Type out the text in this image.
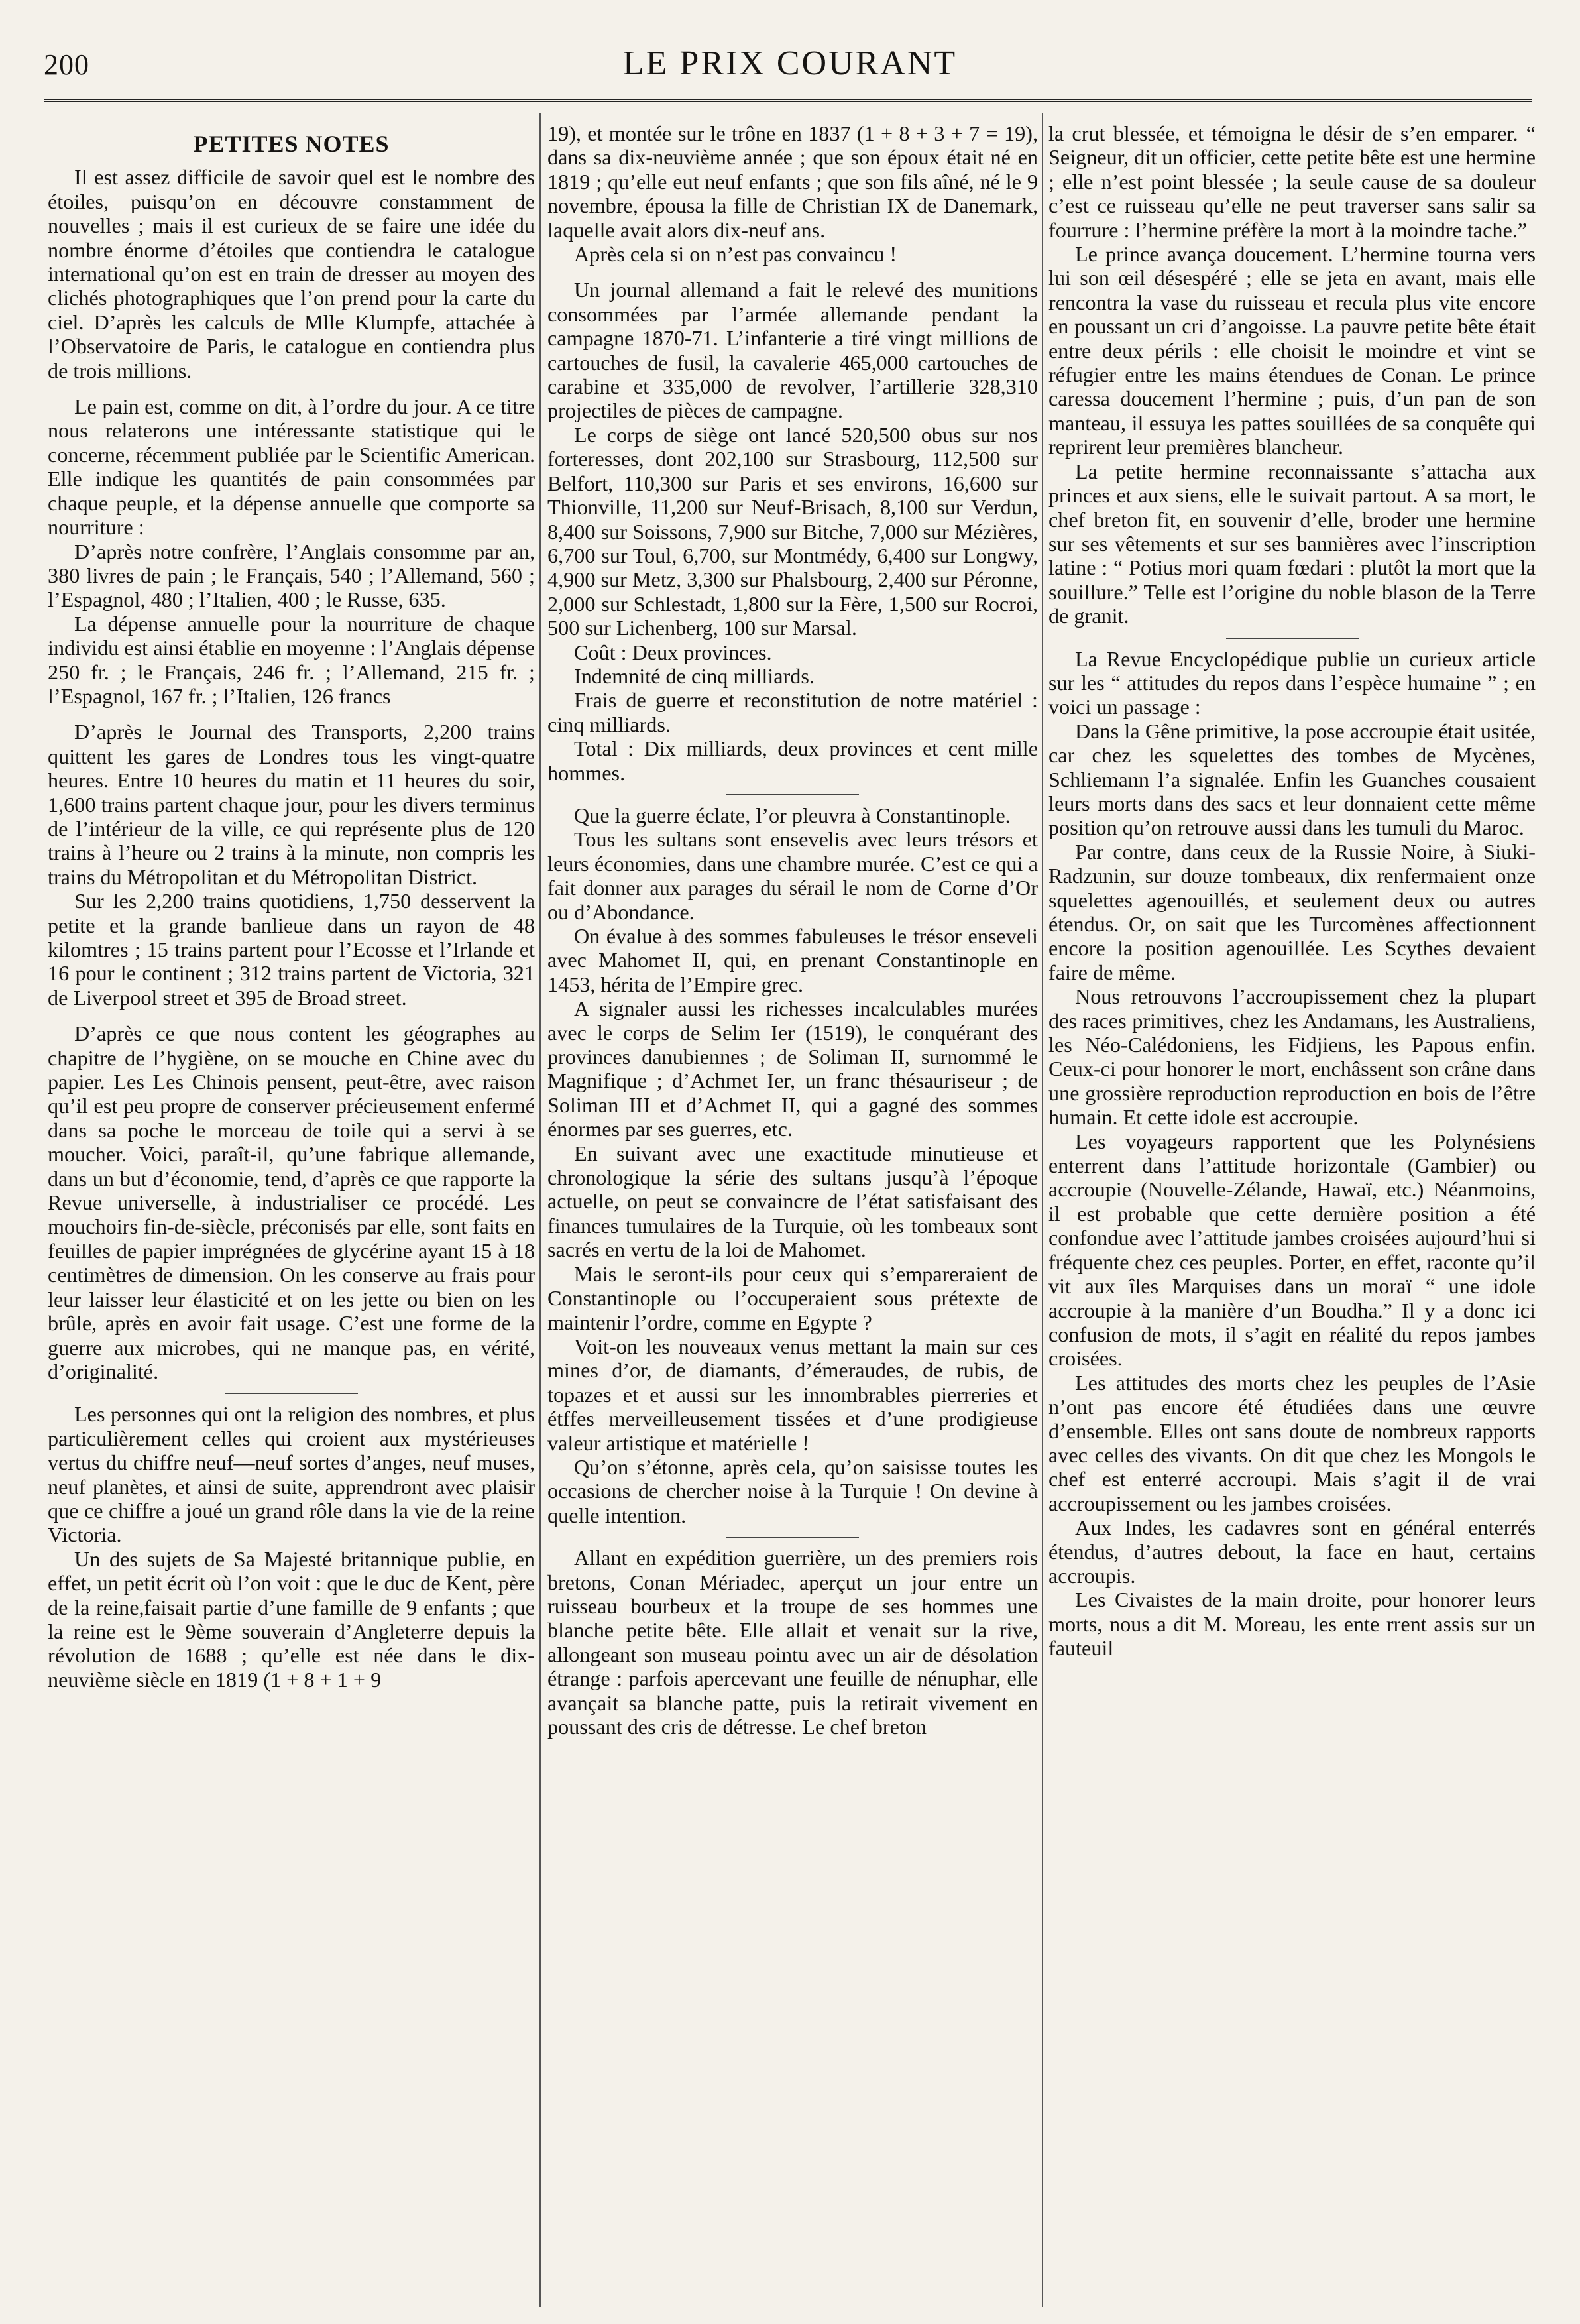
200	LE PRIX COURANT
PETITES NOTES

Il est assez difficile de savoir quel est le nombre des étoiles, puisqu’on en découvre constamment de nouvelles ; mais il est curieux de se faire une idée du nombre énorme d’étoiles que contiendra le catalogue international qu’on est en train de dresser au moyen des clichés photographiques que l’on prend pour la carte du ciel. D’après les calculs de Mlle Klumpfe, attachée à l’Observatoire de Paris, le catalogue en contiendra plus de trois millions.

Le pain est, comme on dit, à l’ordre du jour. A ce titre nous relaterons une intéressante statistique qui le concerne, récemment publiée par le Scientific American. Elle indique les quantités de pain consommées par chaque peuple, et la dépense annuelle que comporte sa nourriture :

D’après notre confrère, l’Anglais consomme par an, 380 livres de pain ; le Français, 540 ; l’Allemand, 560 ; l’Espagnol, 480 ; l’Italien, 400 ; le Russe, 635.

La dépense annuelle pour la nourriture de chaque individu est ainsi établie en moyenne : l’Anglais dépense 250 fr. ; le Français, 246 fr. ; l’Allemand, 215 fr. ; l’Espagnol, 167 fr. ; l’Italien, 126 francs

D’après le Journal des Transports, 2,200 trains quittent les gares de Londres tous les vingt-quatre heures. Entre 10 heures du matin et 11 heures du soir, 1,600 trains partent chaque jour, pour les divers terminus de l’intérieur de la ville, ce qui représente plus de 120 trains à l’heure ou 2 trains à la minute, non compris les trains du Métropolitan et du Métropolitan District.

Sur les 2,200 trains quotidiens, 1,750 desservent la petite et la grande banlieue dans un rayon de 48 kilomtres ; 15 trains partent pour l’Ecosse et l’Irlande et 16 pour le continent ; 312 trains partent de Victoria, 321 de Liverpool street et 395 de Broad street.

D’après ce que nous content les géographes au chapitre de l’hygiène, on se mouche en Chine avec du papier. Les Les Chinois pensent, peut-être, avec raison qu’il est peu propre de conserver précieusement enfermé dans sa poche le morceau de toile qui a servi à se moucher. Voici, paraît-il, qu’une fabrique allemande, dans un but d’économie, tend, d’après ce que rapporte la Revue universelle, à industrialiser ce procédé. Les mouchoirs fin-de-siècle, préconisés par elle, sont faits en feuilles de papier imprégnées de glycérine ayant 15 à 18 centimètres de dimension. On les conserve au frais pour leur laisser leur élasticité et on les jette ou bien on les brûle, après en avoir fait usage. C’est une forme de la guerre aux microbes, qui ne manque pas, en vérité, d’originalité.

Les personnes qui ont la religion des nombres, et plus particulièrement celles qui croient aux mystérieuses vertus du chiffre neuf—neuf sortes d’anges, neuf muses, neuf planètes, et ainsi de suite, apprendront avec plaisir que ce chiffre a joué un grand rôle dans la vie de la reine Victoria.

Un des sujets de Sa Majesté britannique publie, en effet, un petit écrit où l’on voit : que le duc de Kent, père de la reine,faisait partie d’une famille de 9 enfants ; que la reine est le 9ème souverain d’Angleterre depuis la révolution de 1688 ; qu’elle est née dans le dix-neuvième siècle en 1819 (1 + 8 + 1 + 9

19), et montée sur le trône en 1837 (1 + 8 + 3 + 7 = 19), dans sa dix-neuvième année ; que son époux était né en 1819 ; qu’elle eut neuf enfants ; que son fils aîné, né le 9 novembre, épousa la fille de Christian IX de Danemark, laquelle avait alors dix-neuf ans.

Après cela si on n’est pas convaincu !

Un journal allemand a fait le relevé des munitions consommées par l’armée allemande pendant la campagne 1870-71. L’infanterie a tiré vingt millions de cartouches de fusil, la cavalerie 465,000 cartouches de carabine et 335,000 de revolver, l’artillerie 328,310 projectiles de pièces de campagne.

Le corps de siège ont lancé 520,500 obus sur nos forteresses, dont 202,100 sur Strasbourg, 112,500 sur Belfort, 110,300 sur Paris et ses environs, 16,600 sur Thionville, 11,200 sur Neuf-Brisach, 8,100 sur Verdun, 8,400 sur Soissons, 7,900 sur Bitche, 7,000 sur Mézières, 6,700 sur Toul, 6,700, sur Montmédy, 6,400 sur Longwy, 4,900 sur Metz, 3,300 sur Phalsbourg, 2,400 sur Péronne, 2,000 sur Schlestadt, 1,800 sur la Fère, 1,500 sur Rocroi, 500 sur Lichenberg, 100 sur Marsal.

Coût : Deux provinces.

Indemnité de cinq milliards.

Frais de guerre et reconstitution de notre matériel : cinq milliards.

Total : Dix milliards, deux provinces et cent mille hommes.

Que la guerre éclate, l’or pleuvra à Constantinople.

Tous les sultans sont ensevelis avec leurs trésors et leurs économies, dans une chambre murée. C’est ce qui a fait donner aux parages du sérail le nom de Corne d’Or ou d’Abondance.

On évalue à des sommes fabuleuses le trésor enseveli avec Mahomet II, qui, en prenant Constantinople en 1453, hérita de l’Empire grec.

A signaler aussi les richesses incalculables murées avec le corps de Selim Ier (1519), le conquérant des provinces danubiennes ; de Soliman II, surnommé le Magnifique ; d’Achmet Ier, un franc thésauriseur ; de Soliman III et d’Achmet II, qui a gagné des sommes énormes par ses guerres, etc.

En suivant avec une exactitude minutieuse et chronologique la série des sultans jusqu’à l’époque actuelle, on peut se convaincre de l’état satisfaisant des finances tumulaires de la Turquie, où les tombeaux sont sacrés en vertu de la loi de Mahomet.

Mais le seront-ils pour ceux qui s’empareraient de Constantinople ou l’occuperaient sous prétexte de maintenir l’ordre, comme en Egypte ?

Voit-on les nouveaux venus mettant la main sur ces mines d’or, de diamants, d’émeraudes, de rubis, de topazes et et aussi sur les innombrables pierreries et étffes merveilleusement tissées et d’une prodigieuse valeur artistique et matérielle !

Qu’on s’étonne, après cela, qu’on saisisse toutes les occasions de chercher noise à la Turquie ! On devine à quelle intention.

Allant en expédition guerrière, un des premiers rois bretons, Conan Mériadec, aperçut un jour entre un ruisseau bourbeux et la troupe de ses hommes une blanche petite bête. Elle allait et venait sur la rive, allongeant son museau pointu avec un air de désolation étrange : parfois apercevant une feuille de nénuphar, elle avançait sa blanche patte, puis la retirait vivement en poussant des cris de détresse. Le chef breton

la crut blessée, et témoigna le désir de s’en emparer. “ Seigneur, dit un officier, cette petite bête est une hermine ; elle n’est point blessée ; la seule cause de sa douleur c’est ce ruisseau qu’elle ne peut traverser sans salir sa fourrure : l’hermine préfère la mort à la moindre tache.”

Le prince avança doucement. L’hermine tourna vers lui son œil désespéré ; elle se jeta en avant, mais elle rencontra la vase du ruisseau et recula plus vite encore en poussant un cri d’angoisse. La pauvre petite bête était entre deux périls : elle choisit le moindre et vint se réfugier entre les mains étendues de Conan. Le prince caressa doucement l’hermine ; puis, d’un pan de son manteau, il essuya les pattes souillées de sa conquête qui reprirent leur premières blancheur.

La petite hermine reconnaissante s’attacha aux princes et aux siens, elle le suivait partout. A sa mort, le chef breton fit, en souvenir d’elle, broder une hermine sur ses vêtements et sur ses bannières avec l’inscription latine : “ Potius mori quam fœdari : plutôt la mort que la souillure.” Telle est l’origine du noble blason de la Terre de granit.

La Revue Encyclopédique publie un curieux article sur les “ attitudes du repos dans l’espèce humaine ” ; en voici un passage :

Dans la Gêne primitive, la pose accroupie était usitée, car chez les squelettes des tombes de Mycènes, Schliemann l’a signalée. Enfin les Guanches cousaient leurs morts dans des sacs et leur donnaient cette même position qu’on retrouve aussi dans les tumuli du Maroc.

Par contre, dans ceux de la Russie Noire, à Siuki-Radzunin, sur douze tombeaux, dix renfermaient onze squelettes agenouillés, et seulement deux ou autres étendus. Or, on sait que les Turcomènes affectionnent encore la position agenouillée. Les Scythes devaient faire de même.

Nous retrouvons l’accroupissement chez la plupart des races primitives, chez les Andamans, les Australiens, les Néo-Calédoniens, les Fidjiens, les Papous enfin. Ceux-ci pour honorer le mort, enchâssent son crâne dans une grossière reproduction reproduction en bois de l’être humain. Et cette idole est accroupie.

Les voyageurs rapportent que les Polynésiens enterrent dans l’attitude horizontale (Gambier) ou accroupie (Nouvelle-Zélande, Hawaï, etc.) Néanmoins, il est probable que cette dernière position a été confondue avec l’attitude jambes croisées aujourd’hui si fréquente chez ces peuples. Porter, en effet, raconte qu’il vit aux îles Marquises dans un moraï “ une idole accroupie à la manière d’un Boudha.” Il y a donc ici confusion de mots, il s’agit en réalité du repos jambes croisées.

Les attitudes des morts chez les peuples de l’Asie n’ont pas encore été étudiées dans une œuvre d’ensemble. Elles ont sans doute de nombreux rapports avec celles des vivants. On dit que chez les Mongols le chef est enterré accroupi. Mais s’agit il de vrai accroupissement ou les jambes croisées.

Aux Indes, les cadavres sont en général enterrés étendus, d’autres debout, la face en haut, certains accroupis.

Les Civaistes de la main droite, pour honorer leurs morts, nous a dit M. Moreau, les ente rrent assis sur un fauteuil
